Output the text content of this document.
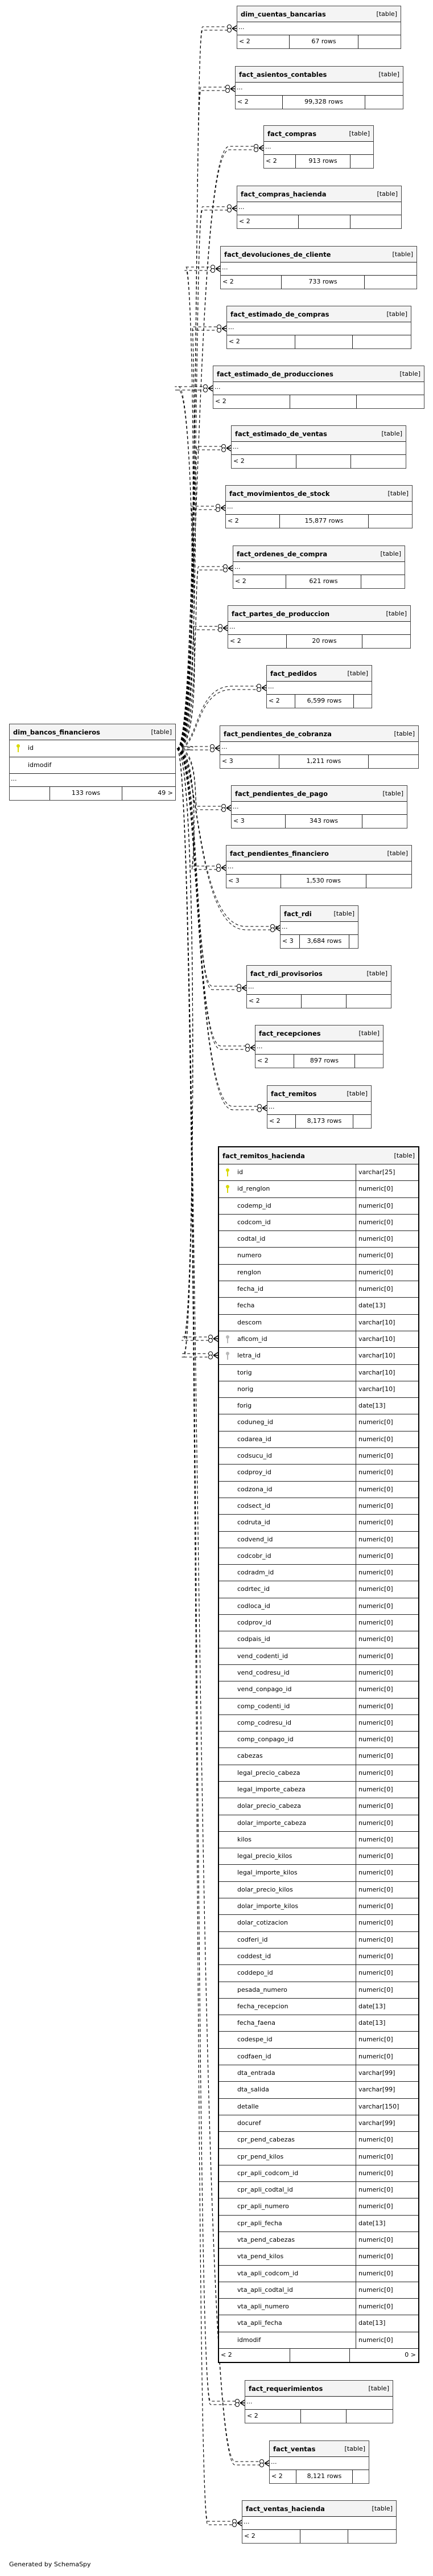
dim_cuentas_bancarias	[table]
...
< 2	67 rows
fact_asientos_contables	[table]
...
< 2	99,328 rows
fact_compras	[table]
...
< 2	913 rows
fact_compras_hacienda	[table]
...
< 2
fact_devoluciones_de_cliente	[table]
...
< 2	733 rows
fact_estimado_de_compras	[table]
...
< 2
fact_estimado_de_producciones	[table]
...
< 2
fact_estimado_de_ventas	[table]
...
< 2
fact_movimientos_de_stock	[table]
...
< 2	15,877 rows
fact_ordenes_de_compra	[table]
...
< 2	621 rows
fact_partes_de_produccion	[table]
...
< 2	20 rows
fact_pedidos	[table]
...
< 2	6,599 rows
fact_pendientes_de_cobranza	[table]
...
< 3	1,211 rows
fact_pendientes_de_pago	[table]
...
< 3	343 rows
fact_pendientes_financiero	[table]
...
< 3	1,530 rows
fact_rdi	[table]
...
< 3	3,684 rows
fact_rdi_provisorios	[table]
...
< 2
fact_recepciones	[table]
...
< 2	897 rows
fact_remitos	[table]
...
< 2	8,173 rows
fact_requerimientos	[table]
...
< 2
fact_ventas	[table]
...
< 2	8,121 rows
fact_ventas_hacienda	[table]
...
< 2
dim_bancos_financieros	[table]
id
idmodif
...
133 rows	49 >
fact_remitos_hacienda	[table]
id	varchar[25]
id_renglon	numeric[0]
codemp_id	numeric[0]
codcom_id	numeric[0]
codtal_id	numeric[0]
numero	numeric[0]
renglon	numeric[0]
fecha_id	numeric[0]
fecha	date[13]
descom	varchar[10]
aficom_id	varchar[10]
letra_id	varchar[10]
torig	varchar[10]
norig	varchar[10]
forig	date[13]
coduneg_id	numeric[0]
codarea_id	numeric[0]
codsucu_id	numeric[0]
codproy_id	numeric[0]
codzona_id	numeric[0]
codsect_id	numeric[0]
codruta_id	numeric[0]
codvend_id	numeric[0]
codcobr_id	numeric[0]
codradm_id	numeric[0]
codrtec_id	numeric[0]
codloca_id	numeric[0]
codprov_id	numeric[0]
codpais_id	numeric[0]
vend_codenti_id	numeric[0]
vend_codresu_id	numeric[0]
vend_conpago_id	numeric[0]
comp_codenti_id	numeric[0]
comp_codresu_id	numeric[0]
comp_conpago_id	numeric[0]
cabezas	numeric[0]
legal_precio_cabeza	numeric[0]
legal_importe_cabeza	numeric[0]
dolar_precio_cabeza	numeric[0]
dolar_importe_cabeza	numeric[0]
kilos	numeric[0]
legal_precio_kilos	numeric[0]
legal_importe_kilos	numeric[0]
dolar_precio_kilos	numeric[0]
dolar_importe_kilos	numeric[0]
dolar_cotizacion	numeric[0]
codferi_id	numeric[0]
coddest_id	numeric[0]
coddepo_id	numeric[0]
pesada_numero	numeric[0]
fecha_recepcion	date[13]
fecha_faena	date[13]
codespe_id	numeric[0]
codfaen_id	numeric[0]
dta_entrada	varchar[99]
dta_salida	varchar[99]
detalle	varchar[150]
docuref	varchar[99]
cpr_pend_cabezas	numeric[0]
cpr_pend_kilos	numeric[0]
cpr_apli_codcom_id	numeric[0]
cpr_apli_codtal_id	numeric[0]
cpr_apli_numero	numeric[0]
cpr_apli_fecha	date[13]
vta_pend_cabezas	numeric[0]
vta_pend_kilos	numeric[0]
vta_apli_codcom_id	numeric[0]
vta_apli_codtal_id	numeric[0]
vta_apli_numero	numeric[0]
vta_apli_fecha	date[13]
idmodif	numeric[0]
< 2	0 >
Generated by SchemaSpy
